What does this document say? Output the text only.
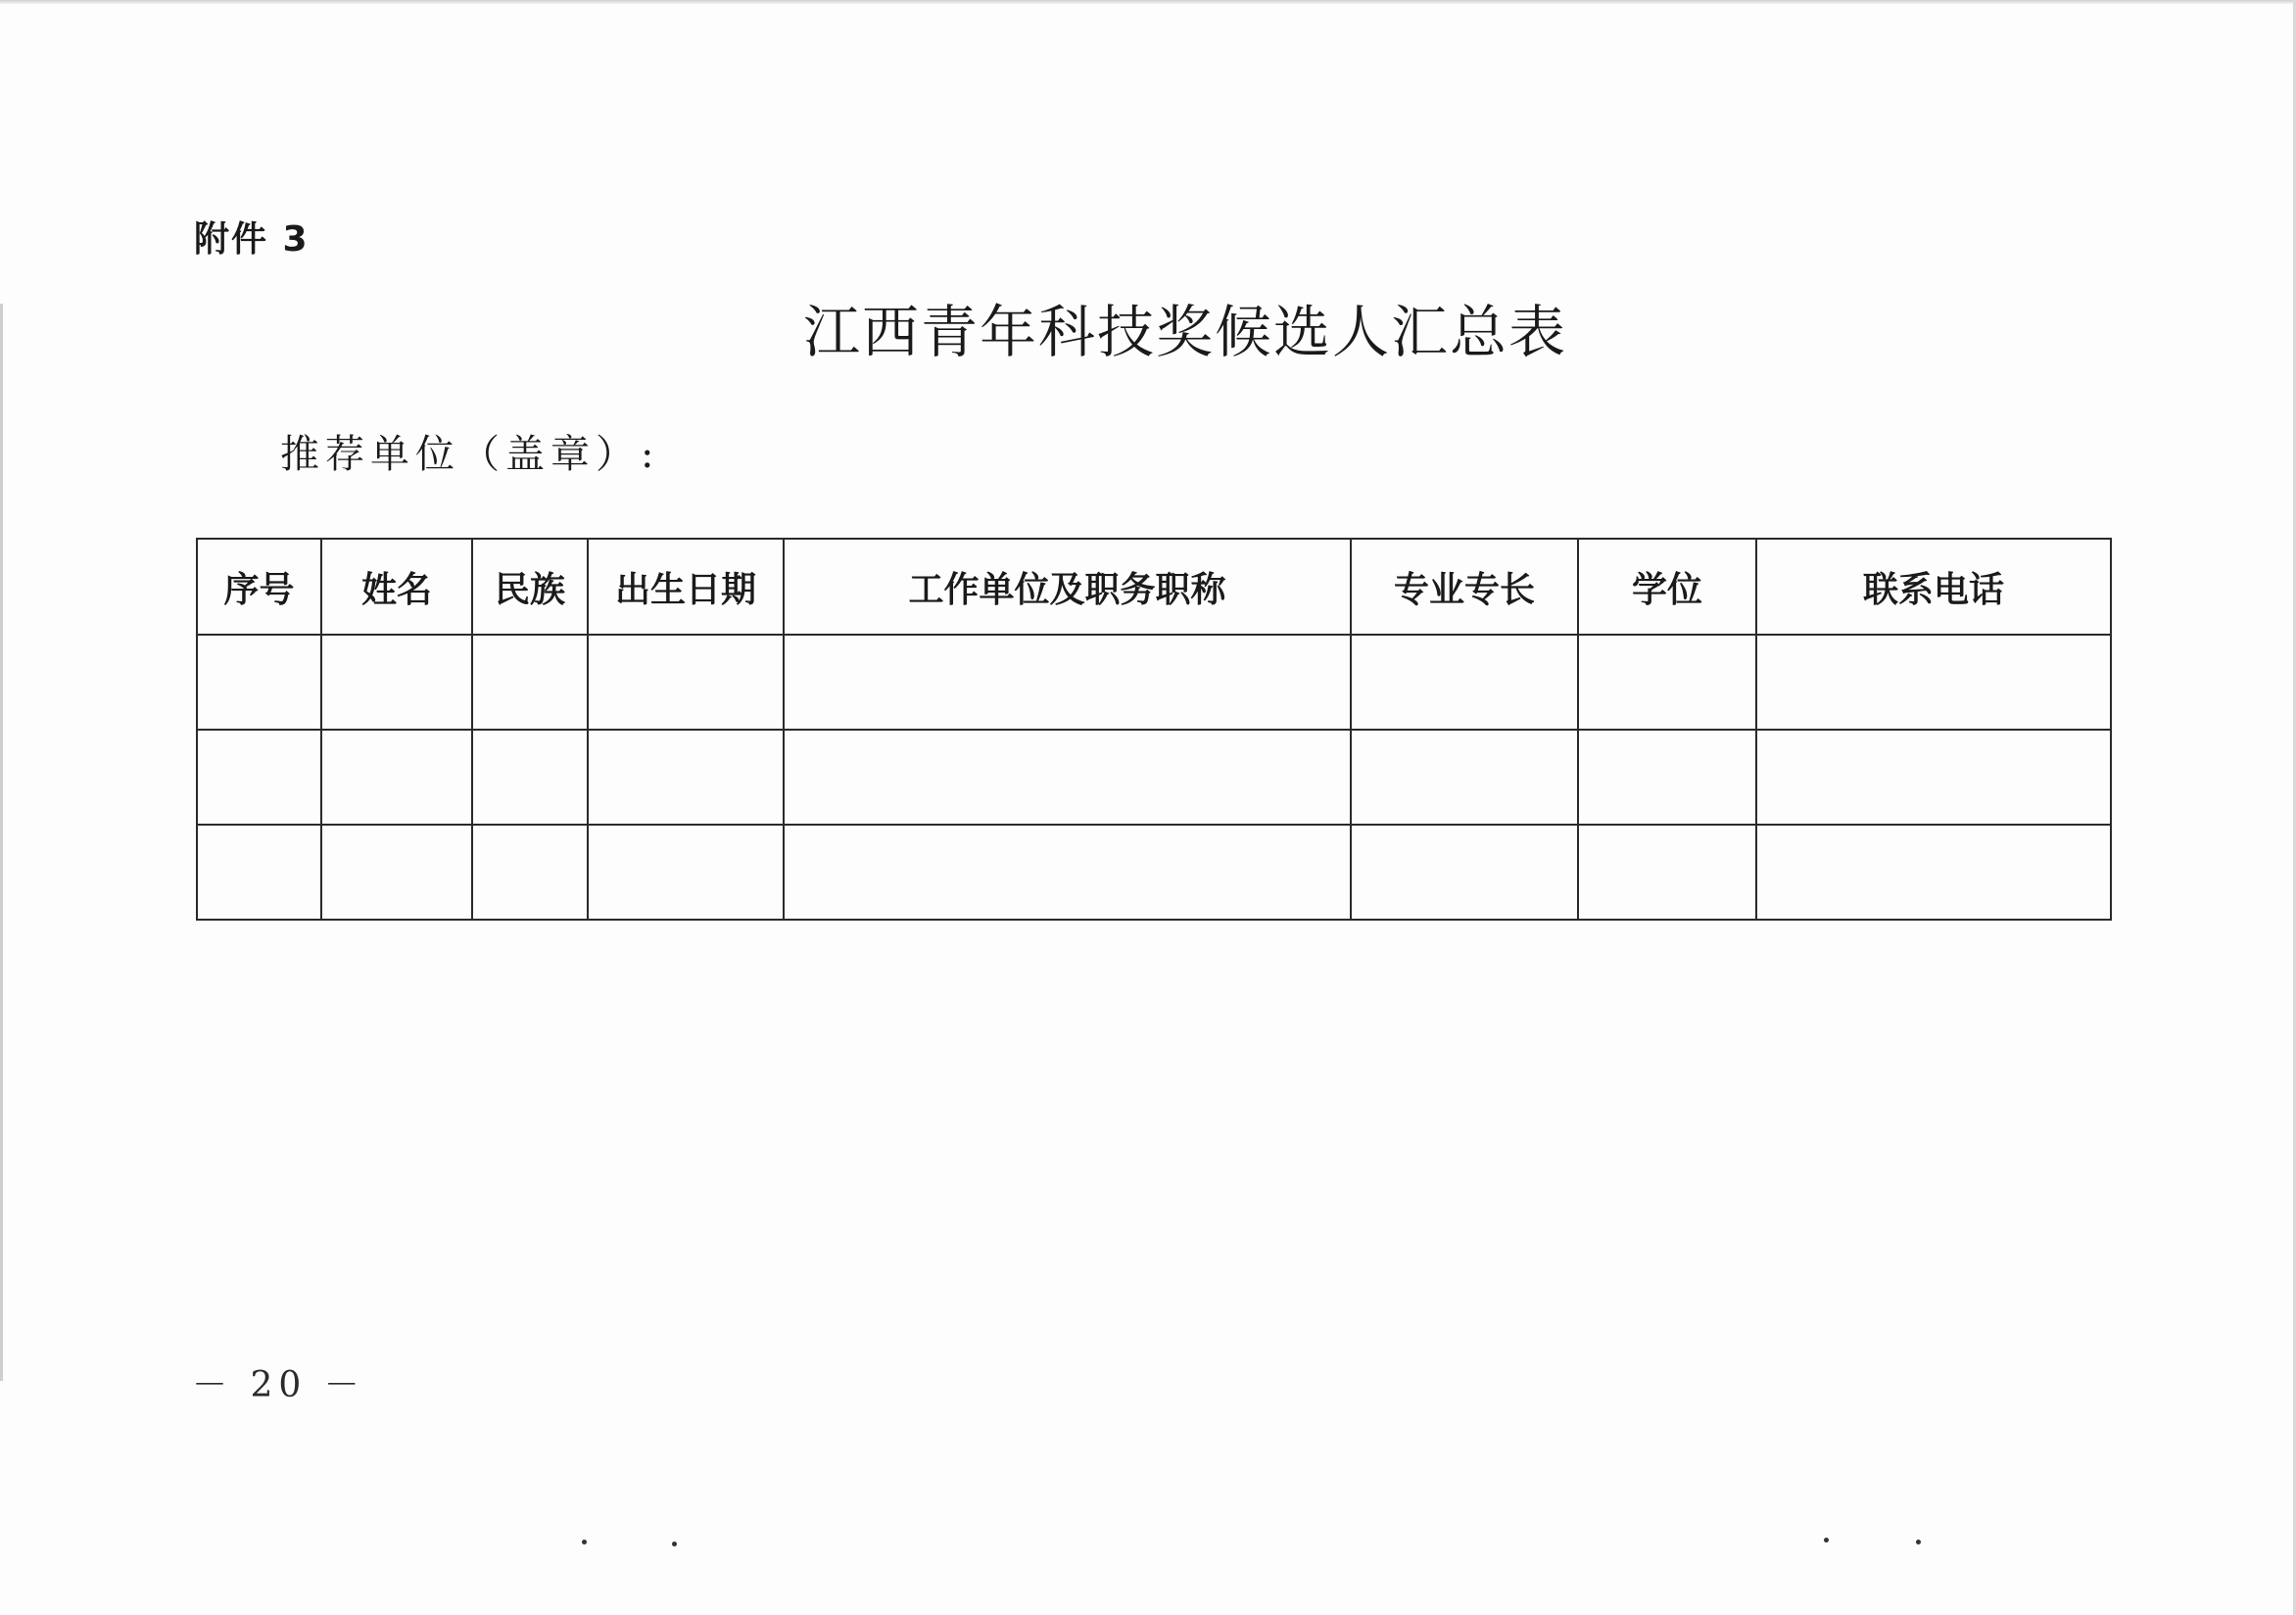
附件 3
江西青年科技奖候选人汇总表
推荐单位（盖章）:
序号	姓名	民族	出生日期	工作单位及职务职称	专业专长	学位	联系电话

－ 20 －
